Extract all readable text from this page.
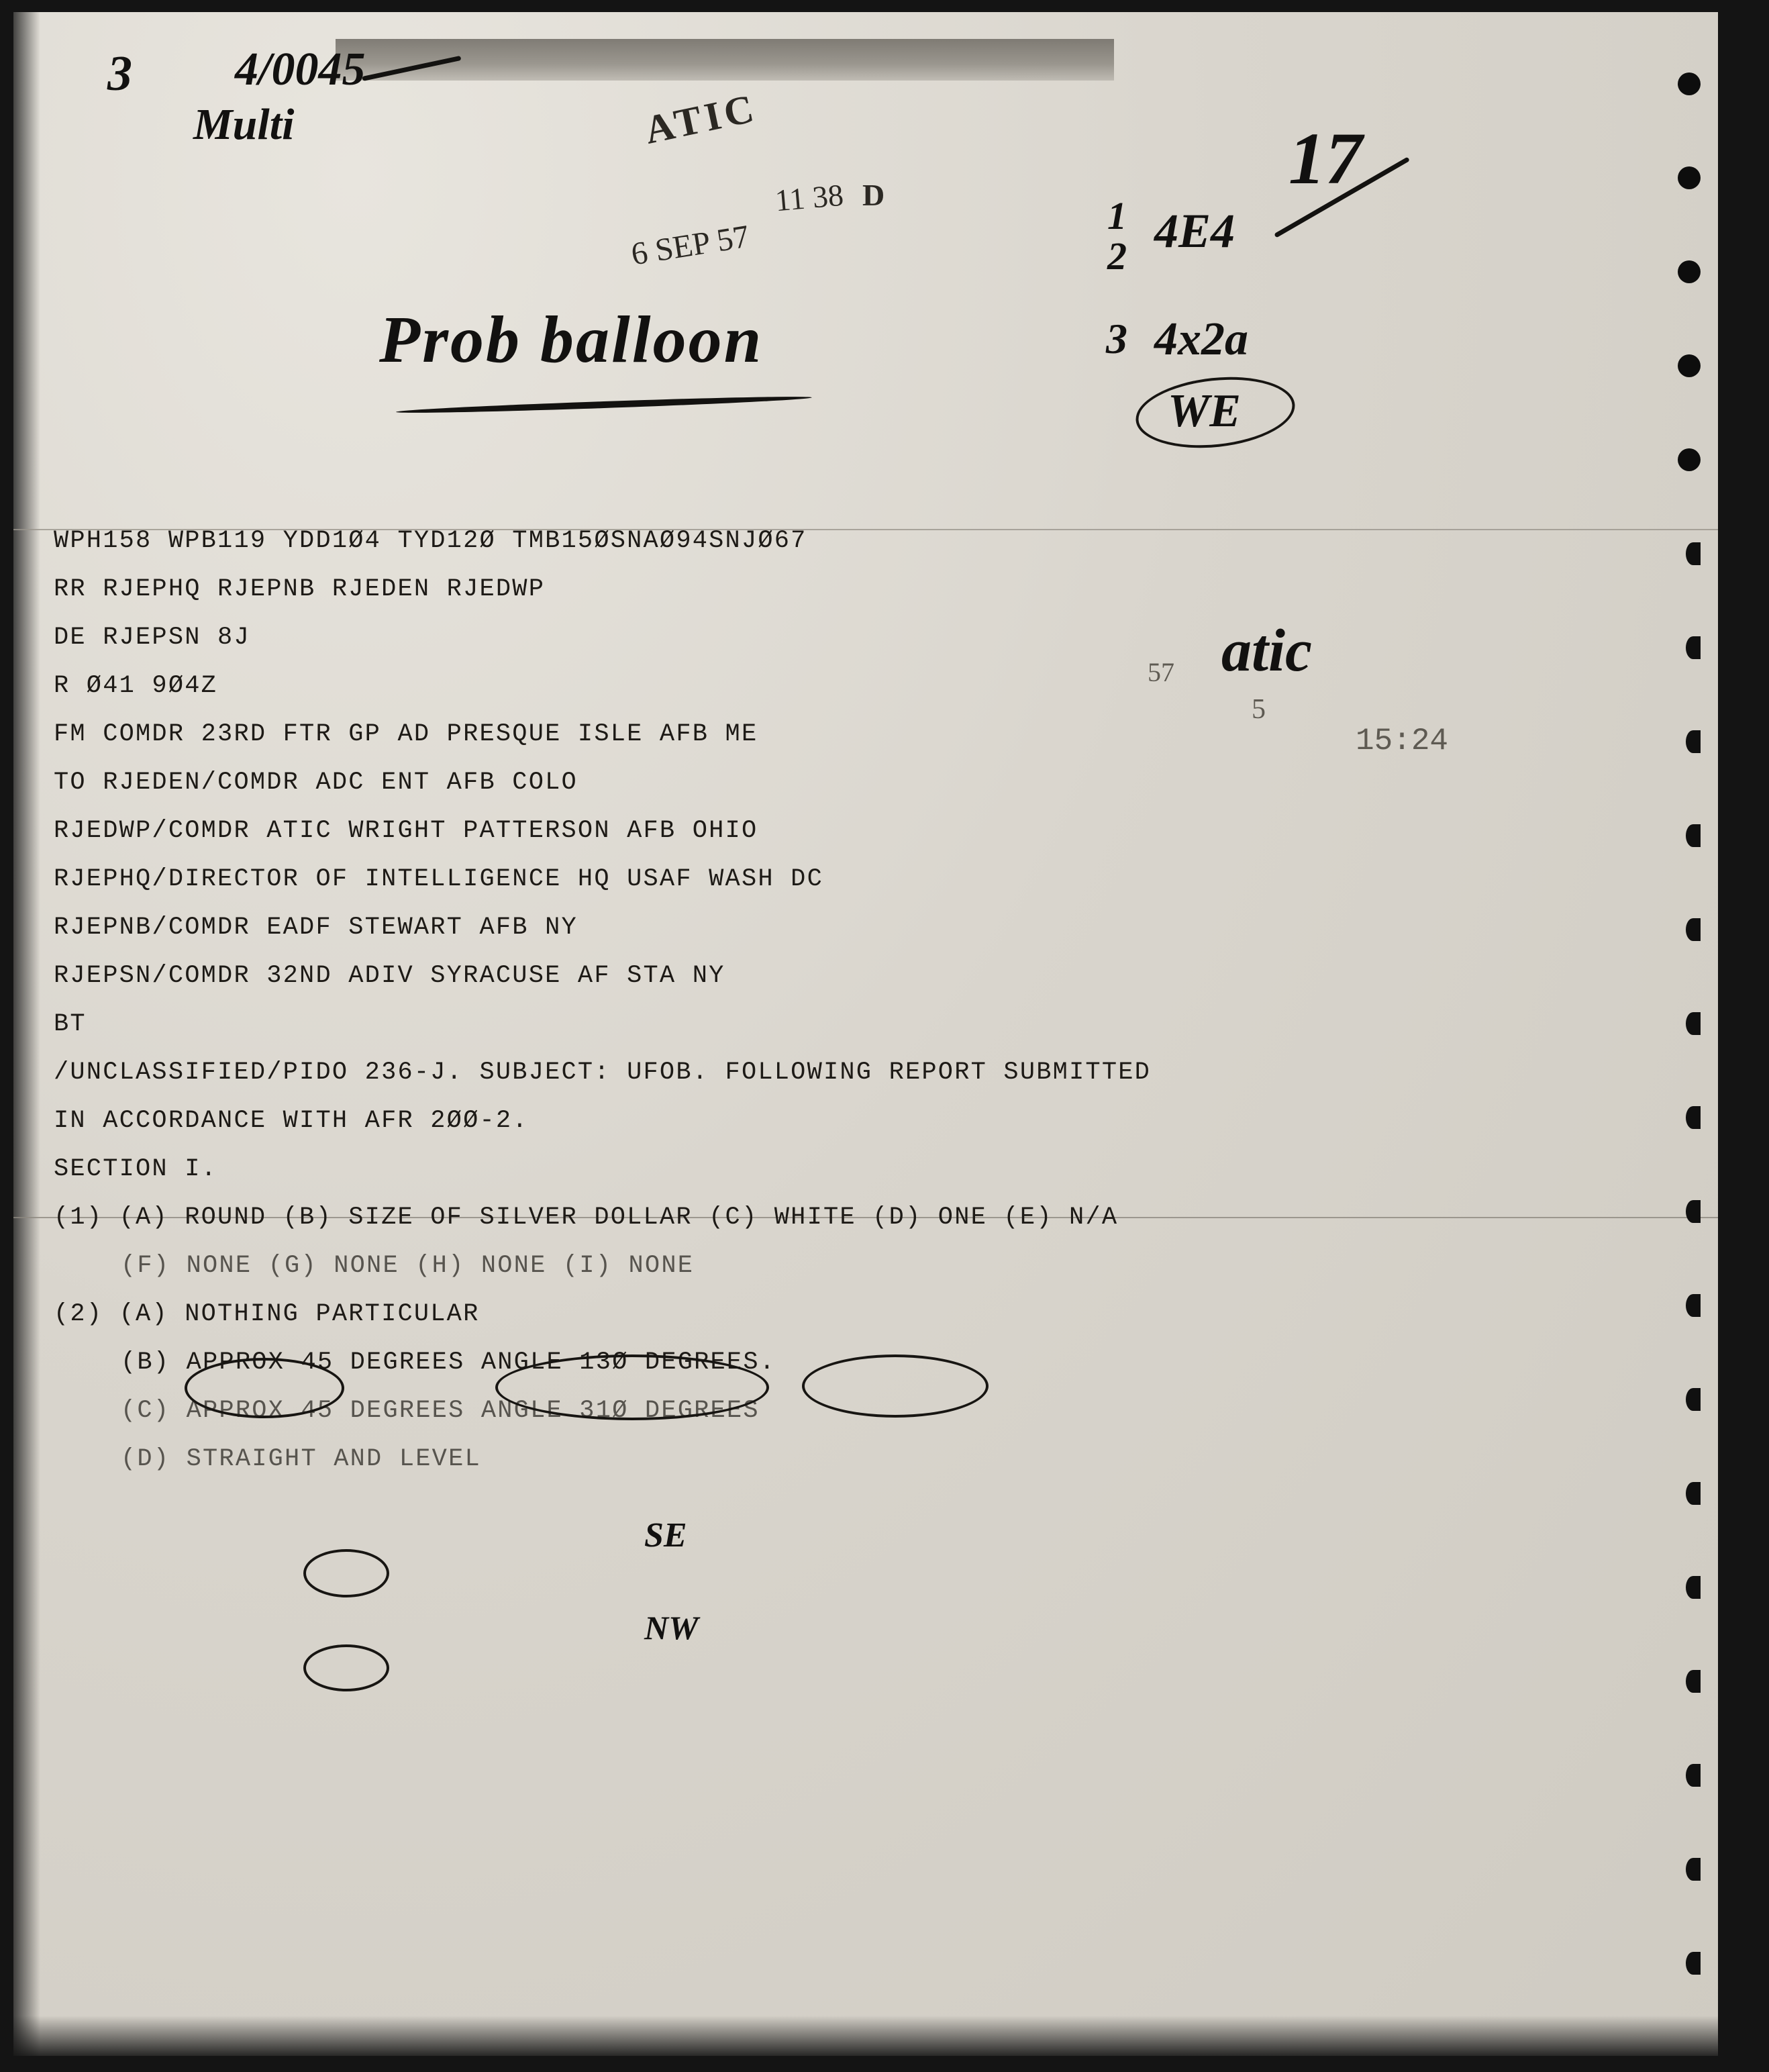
3 4/0045
Multi	ATIC
6 SEP 57
11 38 D
Prob balloon
17
1
2 4E4
3 4x2a
WE
57 atic
5
15:24
WPH158 WPB119 YDD1Ø4 TYD12Ø TMB15ØSNAØ94SNJØ67
RR RJEPHQ RJEPNB RJEDEN RJEDWP
DE RJEPSN 8J
R Ø41 9Ø4Z
FM COMDR 23RD FTR GP AD PRESQUE ISLE AFB ME
TO RJEDEN/COMDR ADC ENT AFB COLO
RJEDWP/COMDR ATIC WRIGHT PATTERSON AFB OHIO
RJEPHQ/DIRECTOR OF INTELLIGENCE HQ USAF WASH DC
RJEPNB/COMDR EADF STEWART AFB NY
RJEPSN/COMDR 32ND ADIV SYRACUSE AF STA NY
BT
/UNCLASSIFIED/PIDO 236-J. SUBJECT: UFOB. FOLLOWING REPORT SUBMITTED
IN ACCORDANCE WITH AFR 2ØØ-2.
SECTION I.
(1) (A) ROUND (B) SIZE OF SILVER DOLLAR (C) WHITE (D) ONE (E) N/A
(F) NONE (G) NONE (H) NONE (I) NONE
(2) (A) NOTHING PARTICULAR
(B) APPROX 45 DEGREES ANGLE 13Ø DEGREES.
(C) APPROX 45 DEGREES ANGLE 31Ø DEGREES
(D) STRAIGHT AND LEVEL
SE
NW
